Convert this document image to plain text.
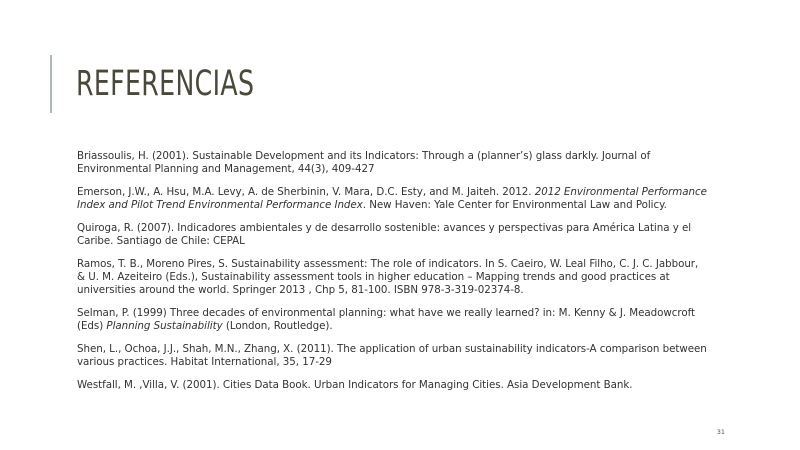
REFERENCIAS
Briassoulis, H. (2001). Sustainable Development and its Indicators: Through a (planner’s) glass darkly. Journal of Environmental Planning and Management, 44(3), 409-427
Emerson, J.W., A. Hsu, M.A. Levy, A. de Sherbinin, V. Mara, D.C. Esty, and M. Jaiteh. 2012. 2012 Environmental Performance Index and Pilot Trend Environmental Performance Index. New Haven: Yale Center for Environmental Law and Policy.
Quiroga, R. (2007). Indicadores ambientales y de desarrollo sostenible: avances y perspectivas para América Latina y el Caribe. Santiago de Chile: CEPAL
Ramos, T. B., Moreno Pires, S. Sustainability assessment: The role of indicators. In S. Caeiro, W. Leal Filho, C. J. C. Jabbour, & U. M. Azeiteiro (Eds.), Sustainability assessment tools in higher education – Mapping trends and good practices at universities around the world. Springer 2013 , Chp 5, 81-100. ISBN 978-3-319-02374-8.
Selman, P. (1999) Three decades of environmental planning: what have we really learned? in: M. Kenny & J. Meadowcroft (Eds) Planning Sustainability (London, Routledge).
Shen, L., Ochoa, J.J., Shah, M.N., Zhang, X. (2011). The application of urban sustainability indicators-A comparison between various practices. Habitat International, 35, 17-29
Westfall, M. ,Villa, V. (2001). Cities Data Book. Urban Indicators for Managing Cities. Asia Development Bank.
31
